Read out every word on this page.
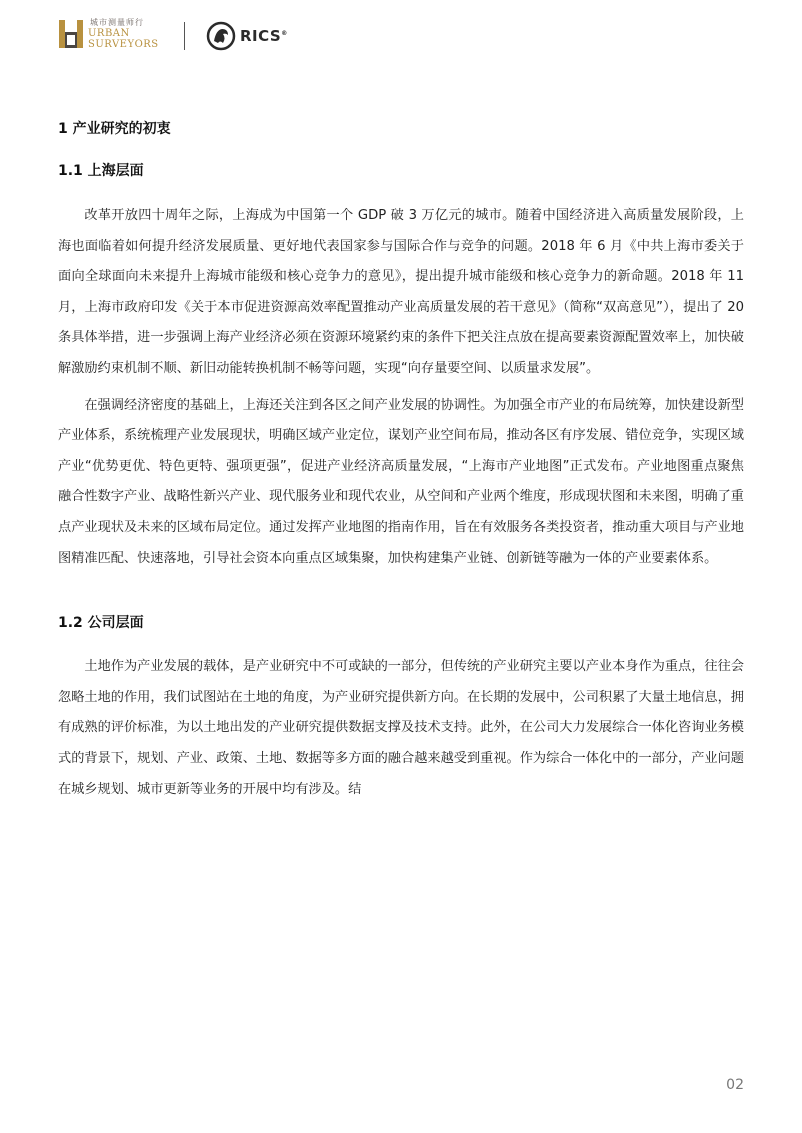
城市测量师行
URBAN
SURVEYORS	RICS®
1 产业研究的初衷
1.1 上海层面

改革开放四十周年之际，上海成为中国第一个 GDP 破 3 万亿元的城市。随着中国经济进入高质量发展阶段，上海也面临着如何提升经济发展质量、更好地代表国家参与国际合作与竞争的问题。2018 年 6 月《中共上海市委关于面向全球面向未来提升上海城市能级和核心竞争力的意见》，提出提升城市能级和核心竞争力的新命题。2018 年 11 月，上海市政府印发《关于本市促进资源高效率配置推动产业高质量发展的若干意见》（简称“双高意见”），提出了 20 条具体举措，进一步强调上海产业经济必须在资源环境紧约束的条件下把关注点放在提高要素资源配置效率上，加快破解激励约束机制不顺、新旧动能转换机制不畅等问题，实现“向存量要空间、以质量求发展”。

在强调经济密度的基础上，上海还关注到各区之间产业发展的协调性。为加强全市产业的布局统筹，加快建设新型产业体系，系统梳理产业发展现状，明确区域产业定位，谋划产业空间布局，推动各区有序发展、错位竞争，实现区域产业“优势更优、特色更特、强项更强”，促进产业经济高质量发展，“上海市产业地图”正式发布。产业地图重点聚焦融合性数字产业、战略性新兴产业、现代服务业和现代农业，从空间和产业两个维度，形成现状图和未来图，明确了重点产业现状及未来的区域布局定位。通过发挥产业地图的指南作用，旨在有效服务各类投资者，推动重大项目与产业地图精准匹配、快速落地，引导社会资本向重点区域集聚，加快构建集产业链、创新链等融为一体的产业要素体系。

1.2 公司层面

土地作为产业发展的载体，是产业研究中不可或缺的一部分，但传统的产业研究主要以产业本身作为重点，往往会忽略土地的作用，我们试图站在土地的角度，为产业研究提供新方向。在长期的发展中，公司积累了大量土地信息，拥有成熟的评价标准，为以土地出发的产业研究提供数据支撑及技术支持。此外，在公司大力发展综合一体化咨询业务模式的背景下，规划、产业、政策、土地、数据等多方面的融合越来越受到重视。作为综合一体化中的一部分，产业问题在城乡规划、城市更新等业务的开展中均有涉及。结

02
